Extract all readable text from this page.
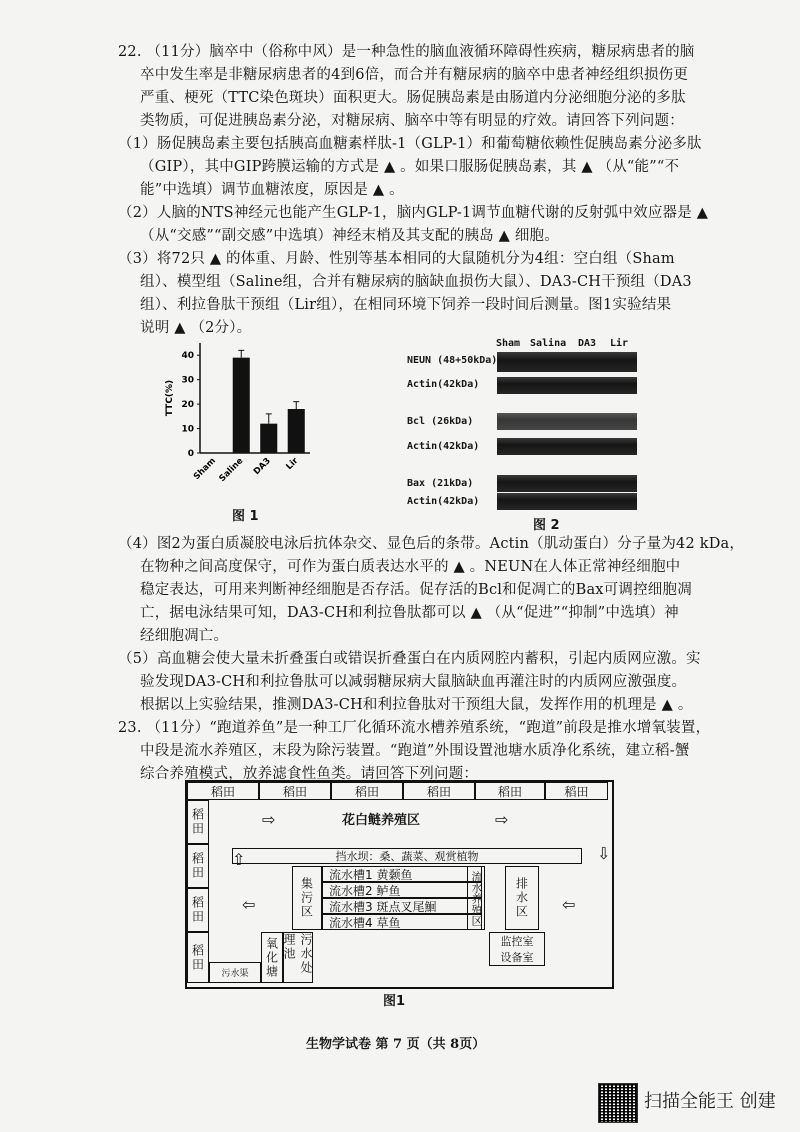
22. （11分）脑卒中（俗称中风）是一种急性的脑血液循环障碍性疾病，糖尿病患者的脑
卒中发生率是非糖尿病患者的4到6倍，而合并有糖尿病的脑卒中患者神经组织损伤更
严重、梗死（TTC染色斑块）面积更大。肠促胰岛素是由肠道内分泌细胞分泌的多肽
类物质，可促进胰岛素分泌，对糖尿病、脑卒中等有明显的疗效。请回答下列问题：
（1）肠促胰岛素主要包括胰高血糖素样肽-1（GLP-1）和葡萄糖依赖性促胰岛素分泌多肽
（GIP），其中GIP跨膜运输的方式是 ▲ 。如果口服肠促胰岛素，其 ▲ （从“能”“不
能”中选填）调节血糖浓度，原因是 ▲ 。
（2）人脑的NTS神经元也能产生GLP-1，脑内GLP-1调节血糖代谢的反射弧中效应器是 ▲
（从“交感”“副交感”中选填）神经末梢及其支配的胰岛 ▲ 细胞。
（3）将72只 ▲ 的体重、月龄、性别等基本相同的大鼠随机分为4组：空白组（Sham
组）、模型组（Saline组，合并有糖尿病的脑缺血损伤大鼠）、DA3-CH干预组（DA3
组）、利拉鲁肽干预组（Lir组），在相同环境下饲养一段时间后测量。图1实验结果
说明 ▲ （2分）。
0
10
20
30
40
TTC(%)
Sham Saline DA3 Lir
图 1
Sham Salina DA3 Lir
NEUN (48+50kDa)
Actin(42kDa)
Bcl (26kDa)
Actin(42kDa)
Bax (21kDa)
Actin(42kDa)
图 2
（4）图2为蛋白质凝胶电泳后抗体杂交、显色后的条带。Actin（肌动蛋白）分子量为42 kDa，
在物种之间高度保守，可作为蛋白质表达水平的 ▲ 。NEUN在人体正常神经细胞中
稳定表达，可用来判断神经细胞是否存活。促存活的Bcl和促凋亡的Bax可调控细胞凋
亡，据电泳结果可知，DA3-CH和利拉鲁肽都可以 ▲ （从“促进”“抑制”中选填）神
经细胞凋亡。
（5）高血糖会使大量未折叠蛋白或错误折叠蛋白在内质网腔内蓄积，引起内质网应激。实
验发现DA3-CH和利拉鲁肽可以减弱糖尿病大鼠脑缺血再灌注时的内质网应激强度。
根据以上实验结果，推测DA3-CH和利拉鲁肽对干预组大鼠，发挥作用的机理是 ▲ 。
23. （11分）“跑道养鱼”是一种工厂化循环流水槽养殖系统，“跑道”前段是推水增氧装置，
中段是流水养殖区，末段为除污装置。“跑道”外围设置池塘水质净化系统，建立稻-蟹
综合养殖模式，放养滤食性鱼类。请回答下列问题：
稻田	稻田	稻田	稻田	稻田	稻田
稻田
稻田
稻田
稻田
花白鲢养殖区
⇨	⇨
⇩
⇧
⇦	⇦
挡水坝：桑、蔬菜、观赏植物
集污区
流水槽1 黄颡鱼
流水槽2 鲈鱼
流水槽3 斑点叉尾鮰
流水槽4 草鱼	流水养殖区	排水区
污水渠	氧化塘	污水处理池	监控室设备室
图1
生物学试卷 第 7 页（共 8页）
扫描全能王 创建
